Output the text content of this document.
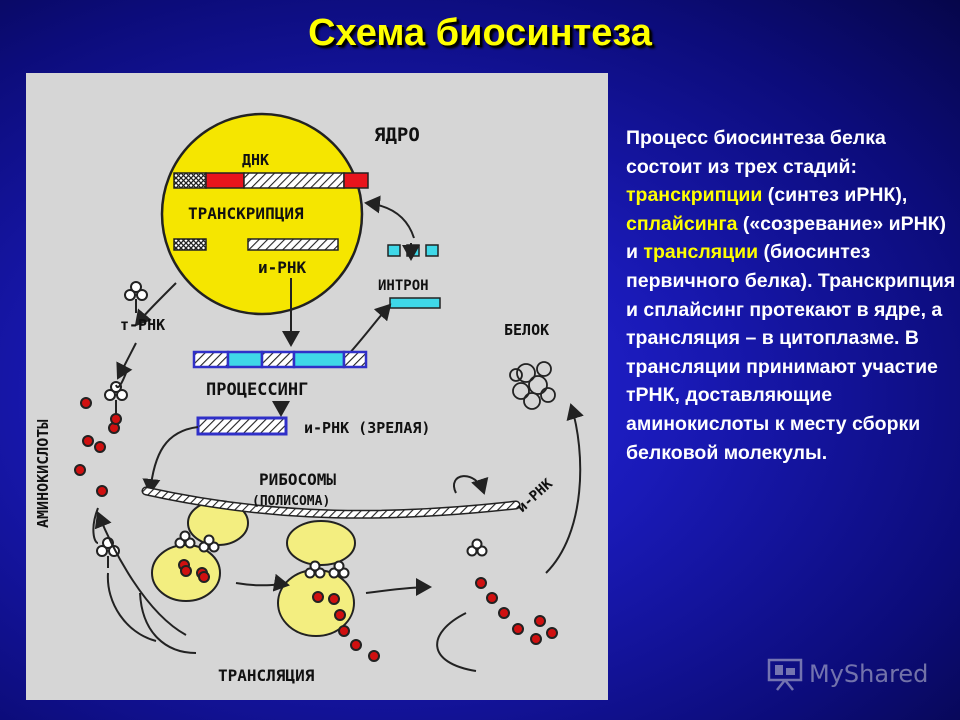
Схема биосинтеза
ЯДРО
ДНК
ТРАНСКРИПЦИЯ
и-РНК
ИНТРОН
т-РНК
ПРОЦЕССИНГ
и-РНК (ЗРЕЛАЯ)
БЕЛОК
АМИНОКИСЛОТЫ	РИБОСОМЫ
(ПОЛИСОМА)	и-РНК
ТРАНСЛЯЦИЯ
Процесс биосинтеза белка состоит из трех стадий: транскрипции (синтез иРНК), сплайсинга («созревание» иРНК) и трансляции (биосинтез первичного белка). Транскрипция и сплайсинг протекают в ядре, а трансляция – в цитоплазме. В трансляции принимают участие тРНК, доставляющие аминокислоты к месту сборки белковой молекулы.
MyShared
